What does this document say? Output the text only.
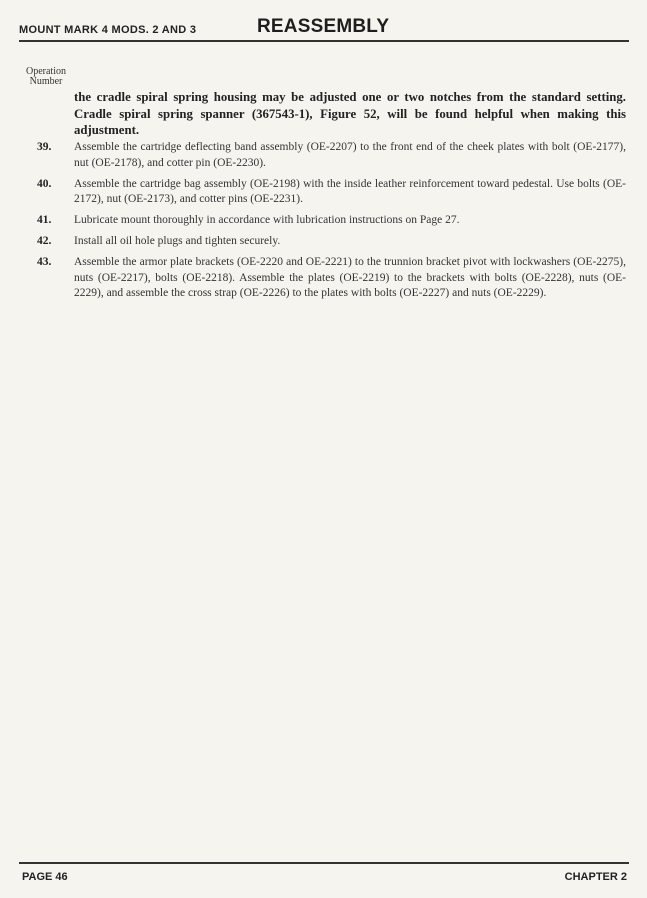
MOUNT MARK 4 MODS. 2 AND 3	REASSEMBLY
Operation
Number
the cradle spiral spring housing may be adjusted one or two notches from the standard setting. Cradle spiral spring spanner (367543-1), Figure 52, will be found helpful when making this adjustment.
39. Assemble the cartridge deflecting band assembly (OE-2207) to the front end of the cheek plates with bolt (OE-2177), nut (OE-2178), and cotter pin (OE-2230).
40. Assemble the cartridge bag assembly (OE-2198) with the inside leather reinforcement toward pedestal. Use bolts (OE-2172), nut (OE-2173), and cotter pins (OE-2231).
41. Lubricate mount thoroughly in accordance with lubrication instructions on Page 27.
42. Install all oil hole plugs and tighten securely.
43. Assemble the armor plate brackets (OE-2220 and OE-2221) to the trunnion bracket pivot with lockwashers (OE-2275), nuts (OE-2217), bolts (OE-2218). Assemble the plates (OE-2219) to the brackets with bolts (OE-2228), nuts (OE-2229), and assemble the cross strap (OE-2226) to the plates with bolts (OE-2227) and nuts (OE-2229).
PAGE 46	CHAPTER 2
